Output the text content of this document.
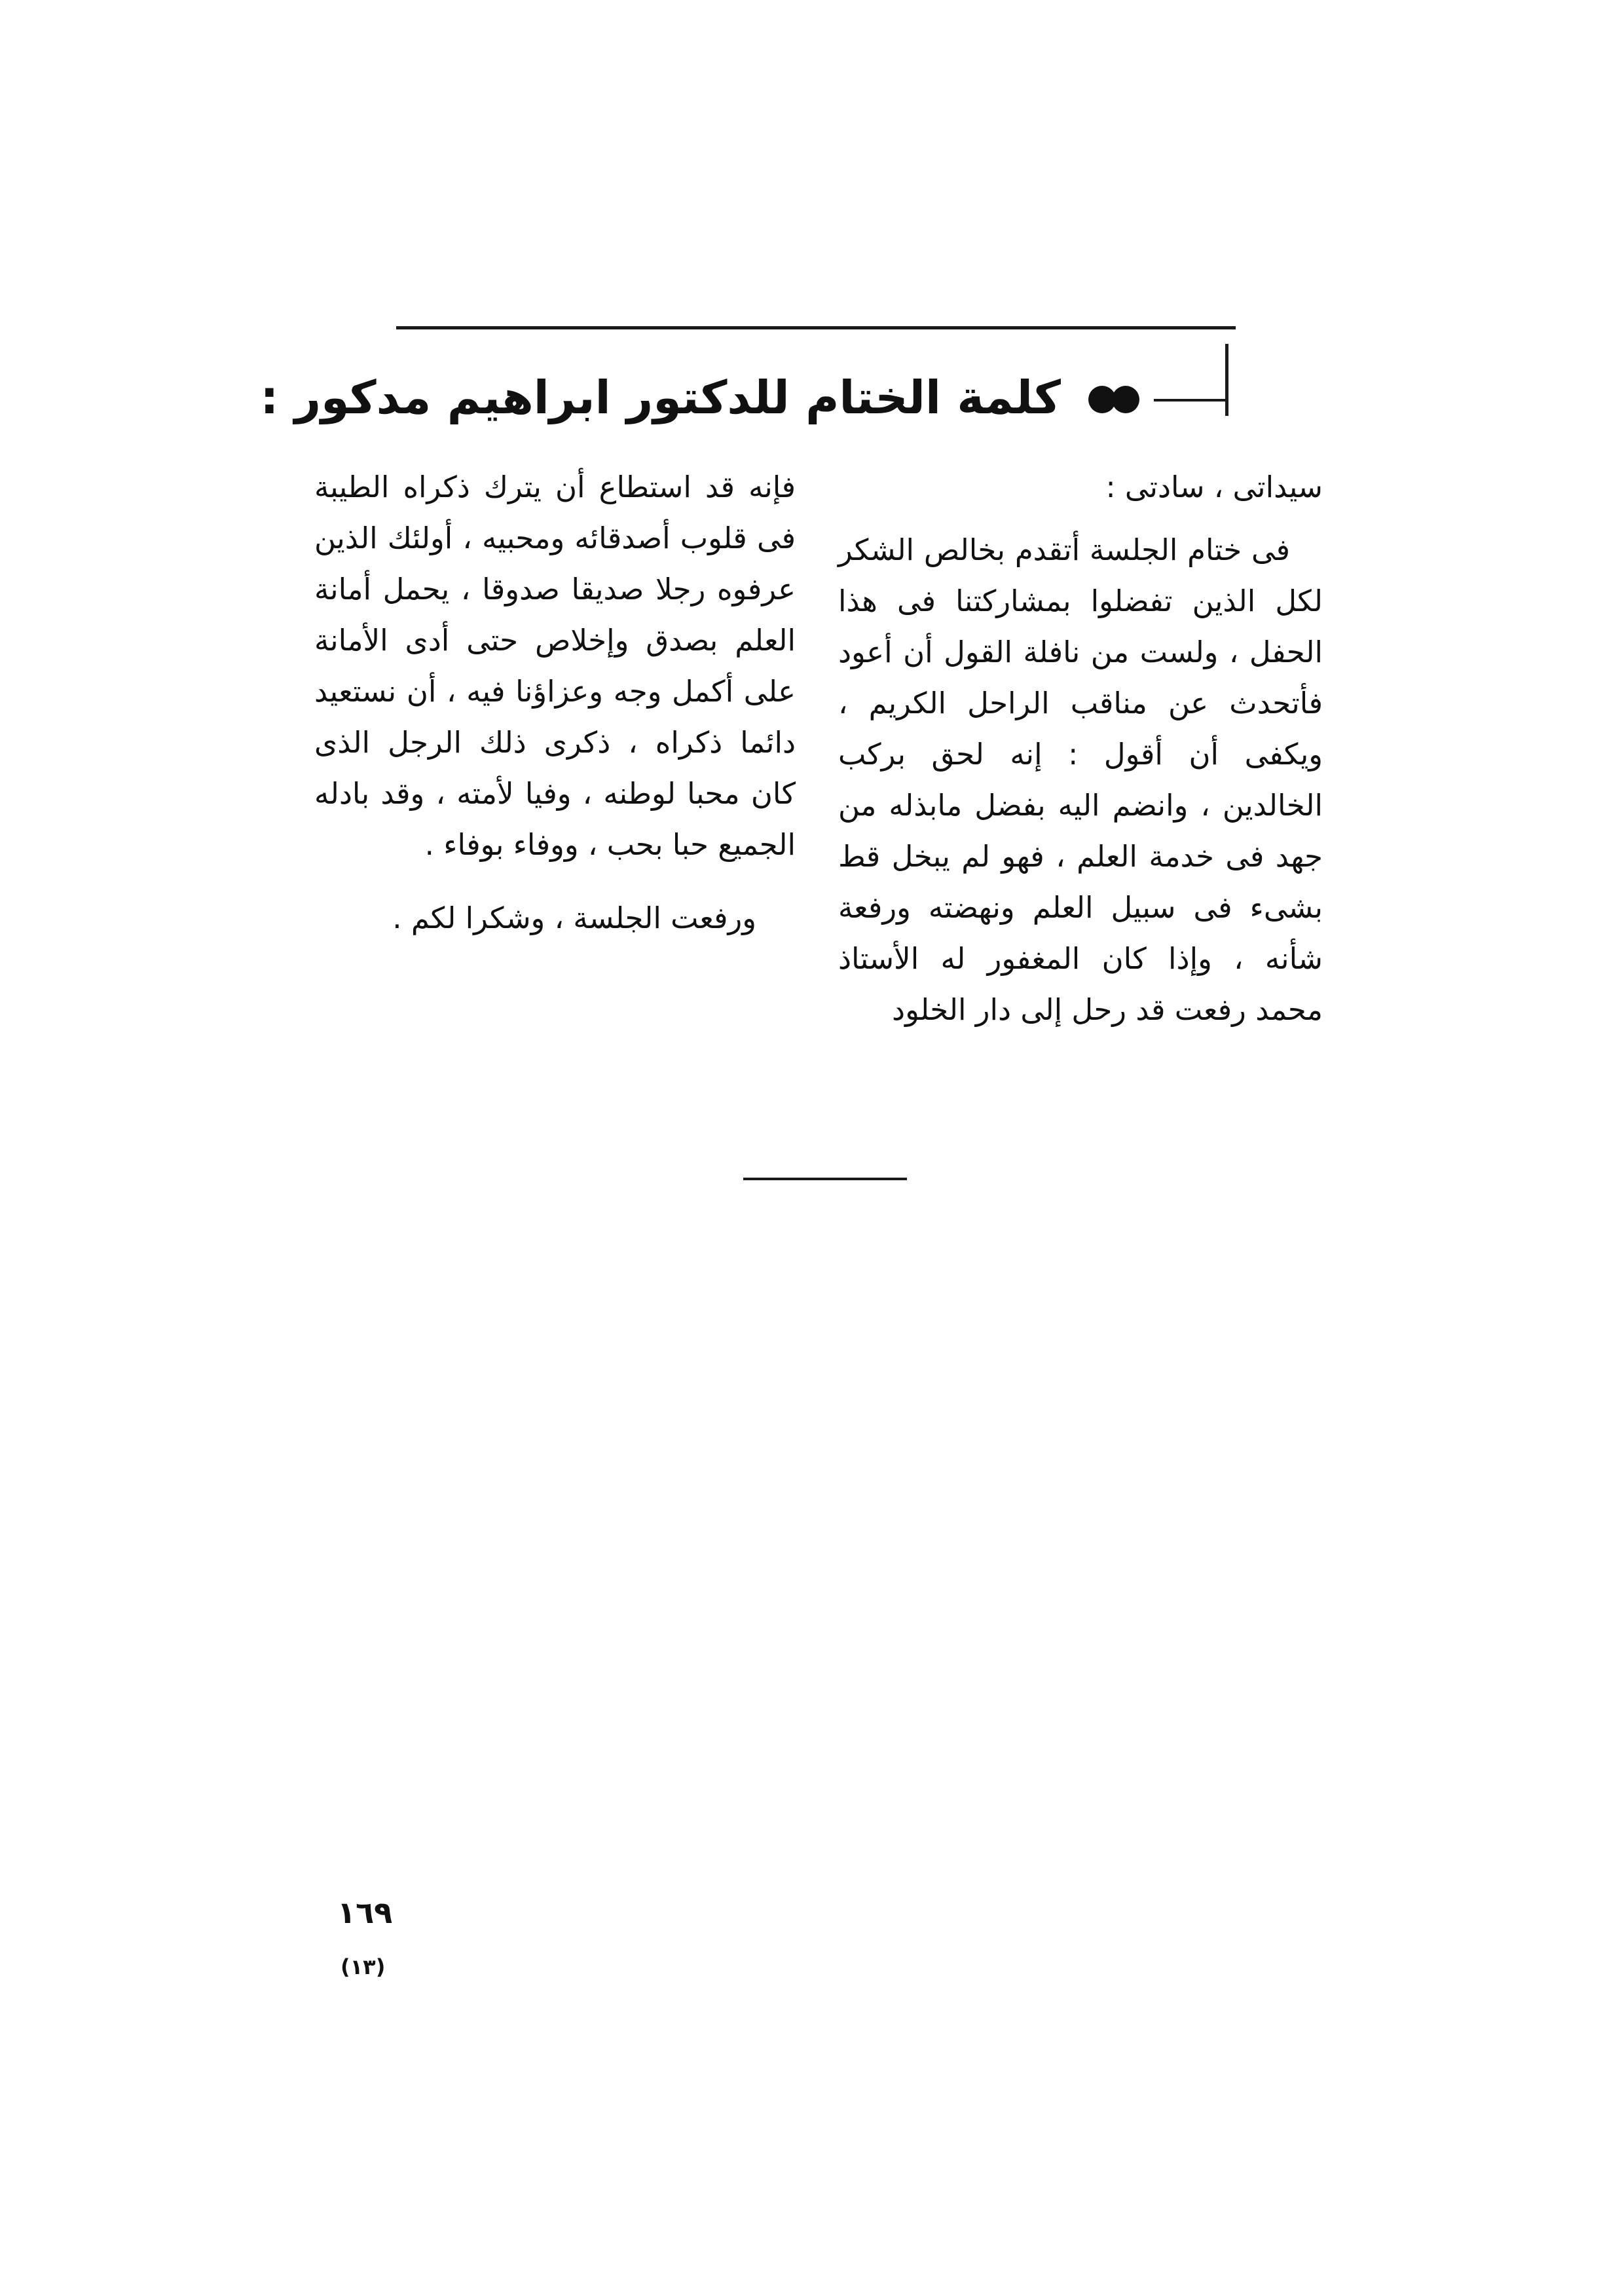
كلمة الختام للدكتور ابراهيم مدكور :

سيداتى ، سادتى :

فى ختام الجلسة أتقدم بخالص الشكر لكل الذين تفضلوا بمشاركتنا فى هذا الحفل ، ولست من نافلة القول أن أعود فأتحدث عن مناقب الراحل الكريم ، ويكفى أن أقول : إنه لحق بركب الخالدين ، وانضم اليه بفضل مابذله من جهد فى خدمة العلم ، فهو لم يبخل قط بشىء فى سبيل العلم ونهضته ورفعة شأنه ، وإذا كان المغفور له الأستاذ محمد رفعت قد رحل إلى دار الخلود

فإنه قد استطاع أن يترك ذكراه الطيبة فى قلوب أصدقائه ومحبيه ، أولئك الذين عرفوه رجلا صديقا صدوقا ، يحمل أمانة العلم بصدق وإخلاص حتى أدى الأمانة على أكمل وجه وعزاؤنا فيه ، أن نستعيد دائما ذكراه ، ذكرى ذلك الرجل الذى كان محبا لوطنه ، وفيا لأمته ، وقد بادله الجميع حبا بحب ، ووفاء بوفاء .

ورفعت الجلسة ، وشكرا لكم .

١٦٩
(١٣)
